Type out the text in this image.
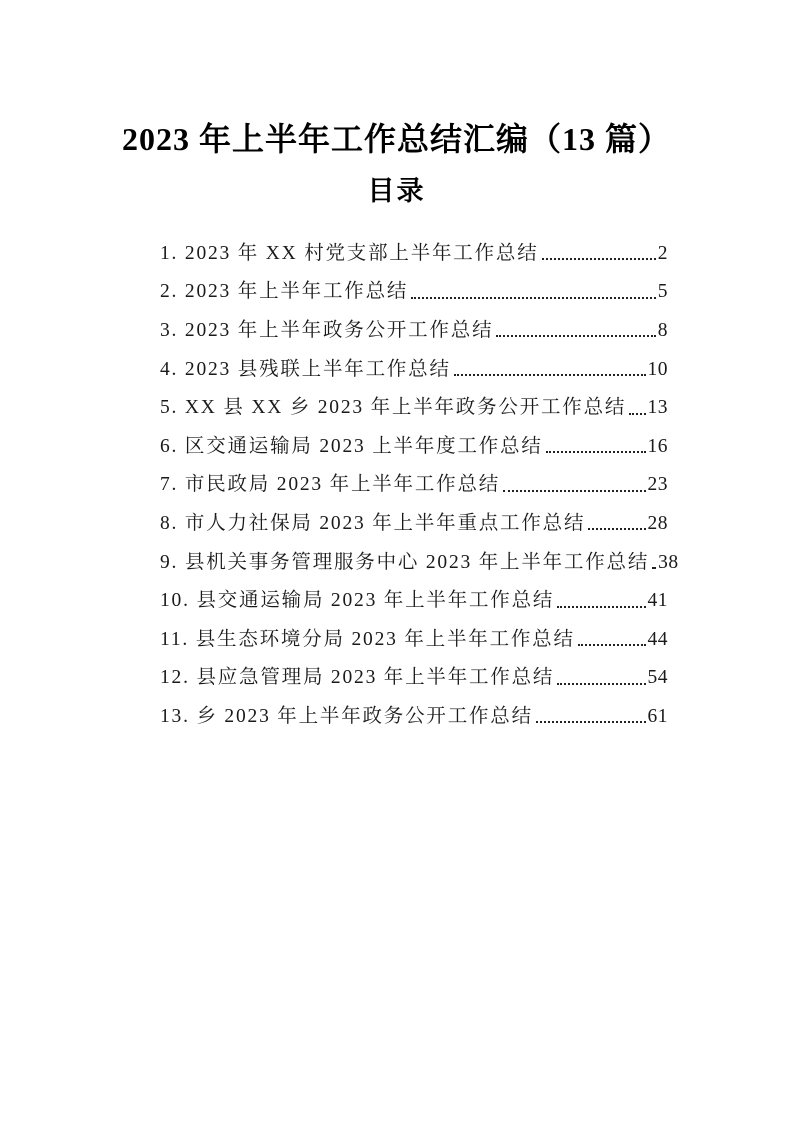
2023 年上半年工作总结汇编（13 篇）
目录
1. 2023 年 XX 村党支部上半年工作总结	2
2. 2023 年上半年工作总结	5
3. 2023 年上半年政务公开工作总结	8
4. 2023 县残联上半年工作总结	10
5. XX 县 XX 乡 2023 年上半年政务公开工作总结 13
6. 区交通运输局 2023 上半年度工作总结	16
7. 市民政局 2023 年上半年工作总结	23
8. 市人力社保局 2023 年上半年重点工作总结	28
9. 县机关事务管理服务中心 2023 年上半年工作总结 38
10. 县交通运输局 2023 年上半年工作总结	41
11. 县生态环境分局 2023 年上半年工作总结	44
12. 县应急管理局 2023 年上半年工作总结	54
13. 乡 2023 年上半年政务公开工作总结	61
